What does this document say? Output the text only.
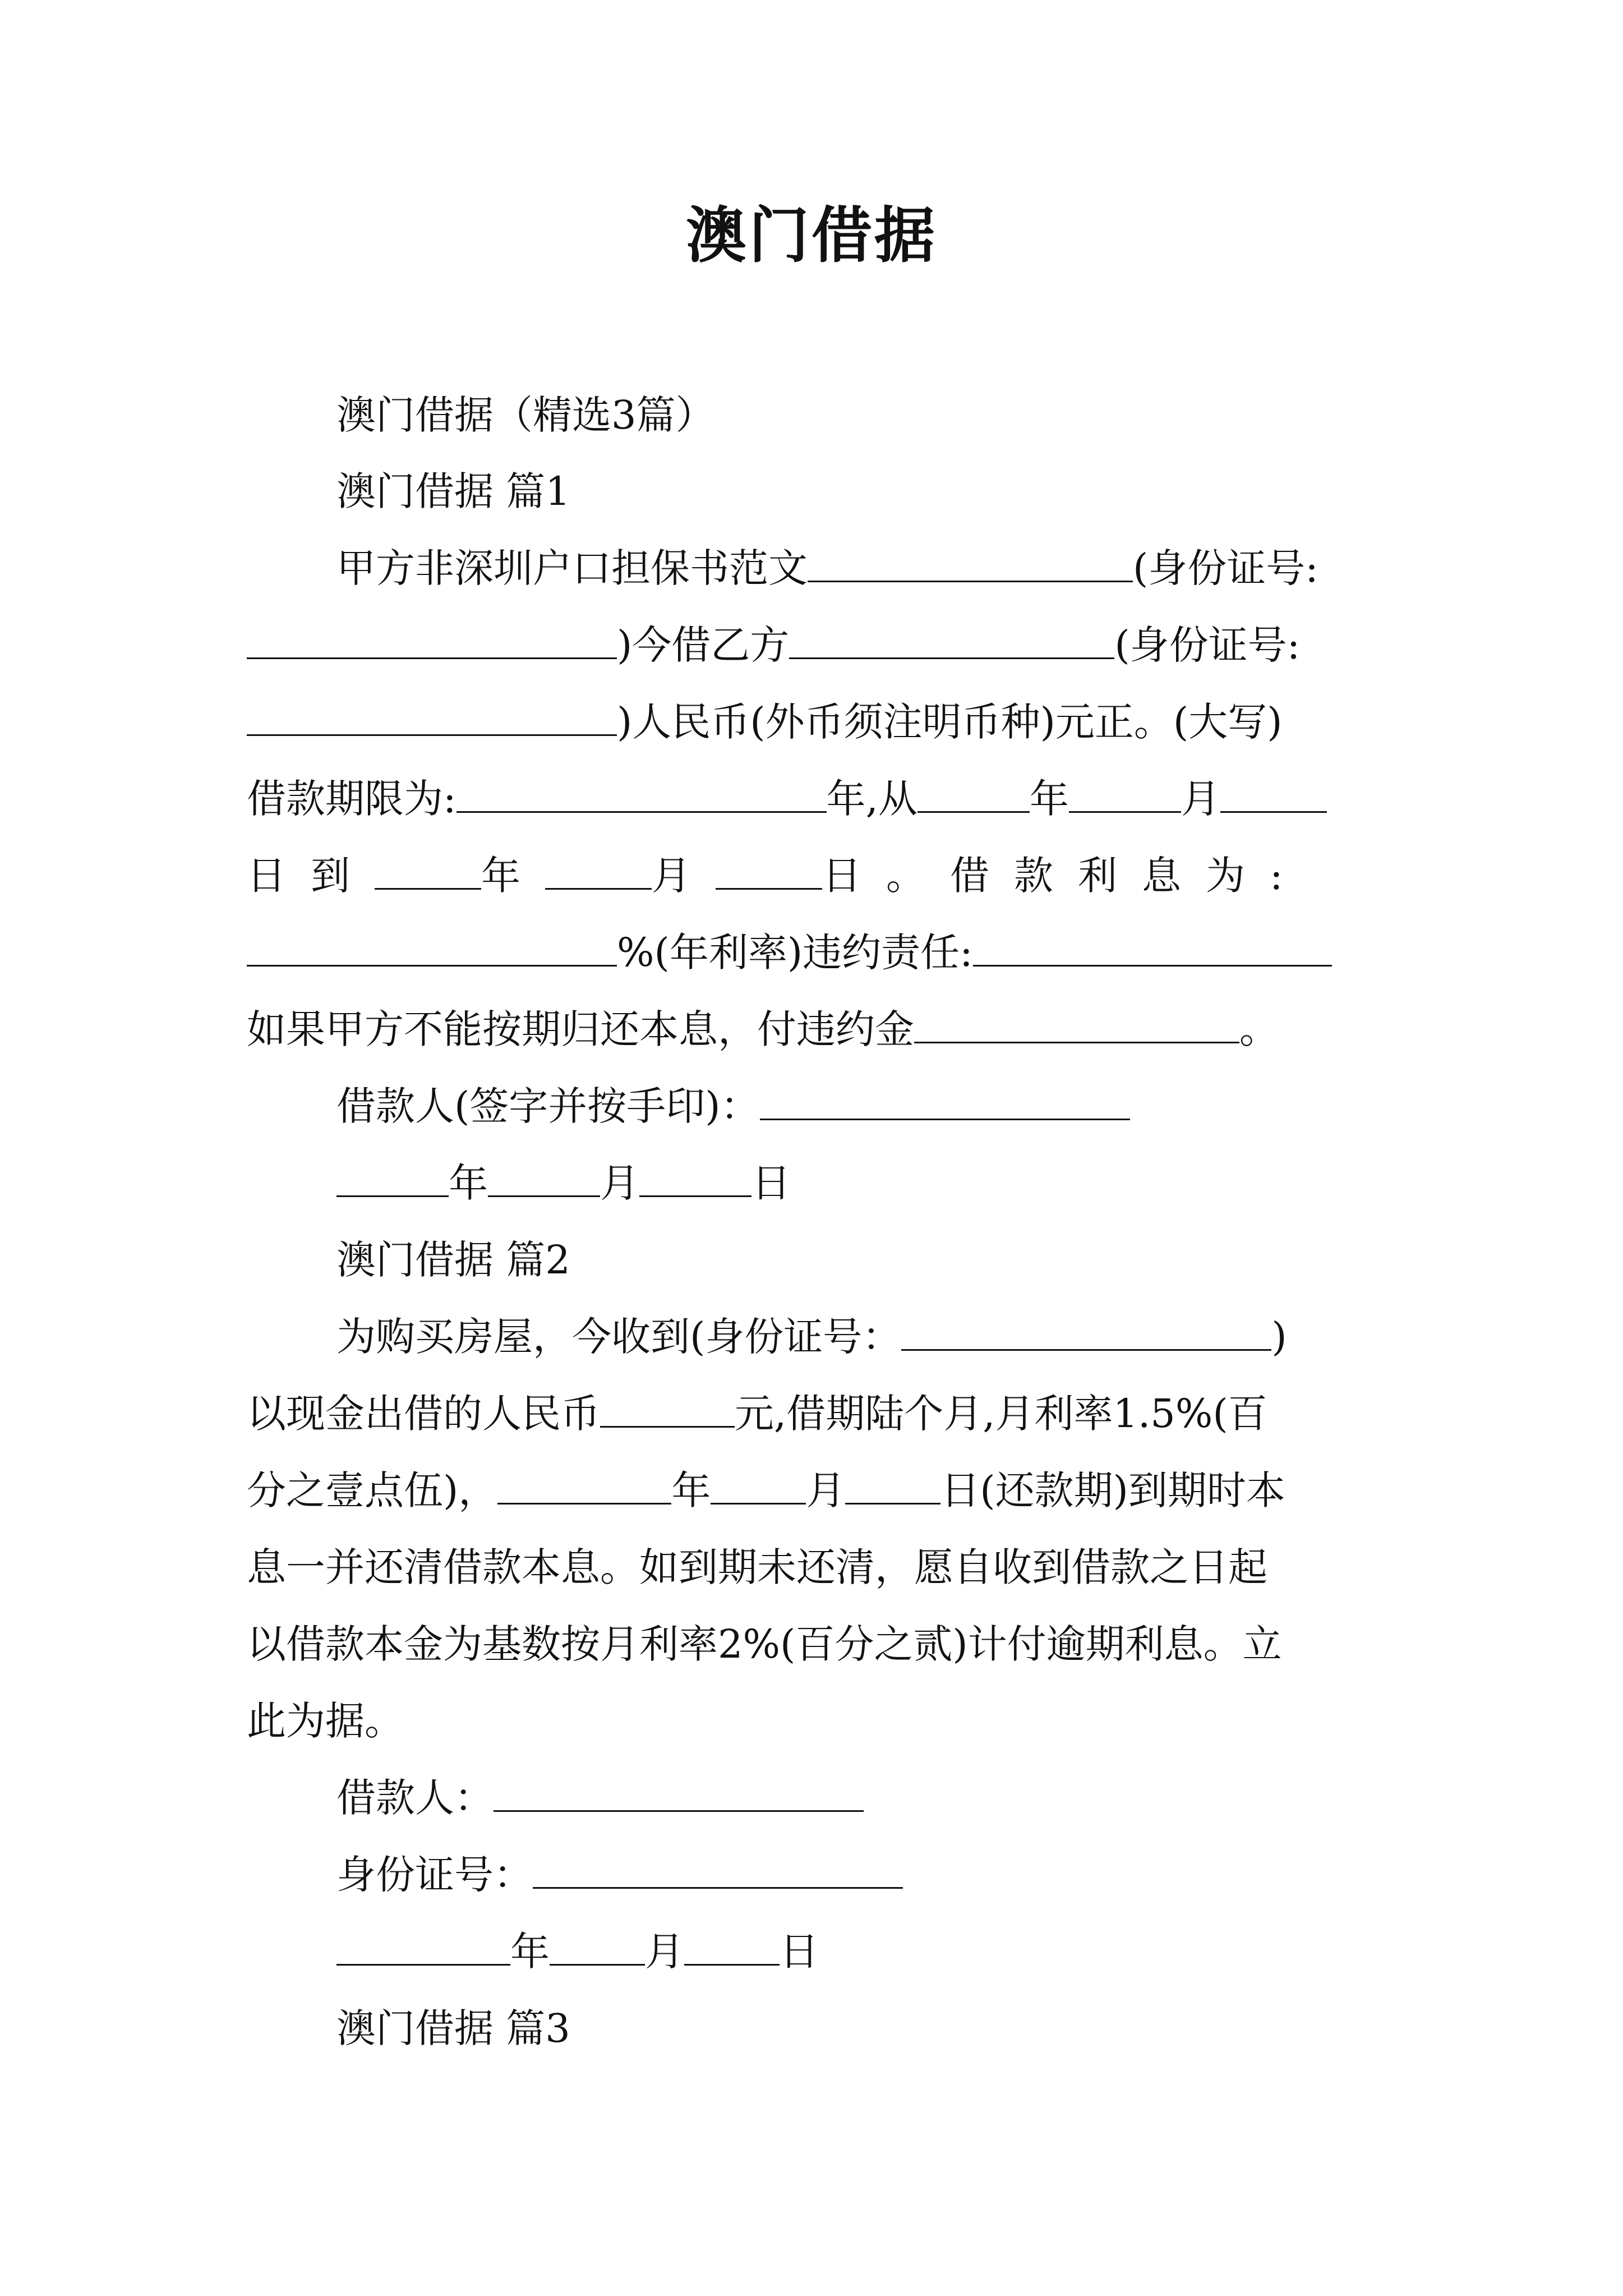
澳门借据
澳门借据（精选3篇）
澳门借据 篇1
甲方非深圳户口担保书范文	(身份证号:
)今借乙方	(身份证号:
)人民币(外币须注明币种)元正。(大写)
借款期限为:	年,从	年	月
日到	年	月	日。借款利息为:
%(年利率)违约责任:
如果甲方不能按期归还本息，付违约金	。
借款人(签字并按手印)：
年	月	日
澳门借据 篇2
为购买房屋，今收到(身份证号：	)
以现金出借的人民币	元,借期陆个月,月利率1.5%(百
分之壹点伍)，	年 月 日(还款期)到期时本
息一并还清借款本息。如到期未还清，愿自收到借款之日起
以借款本金为基数按月利率2%(百分之贰)计付逾期利息。立
此为据。
借款人：
身份证号：
年 月 日
澳门借据 篇3
